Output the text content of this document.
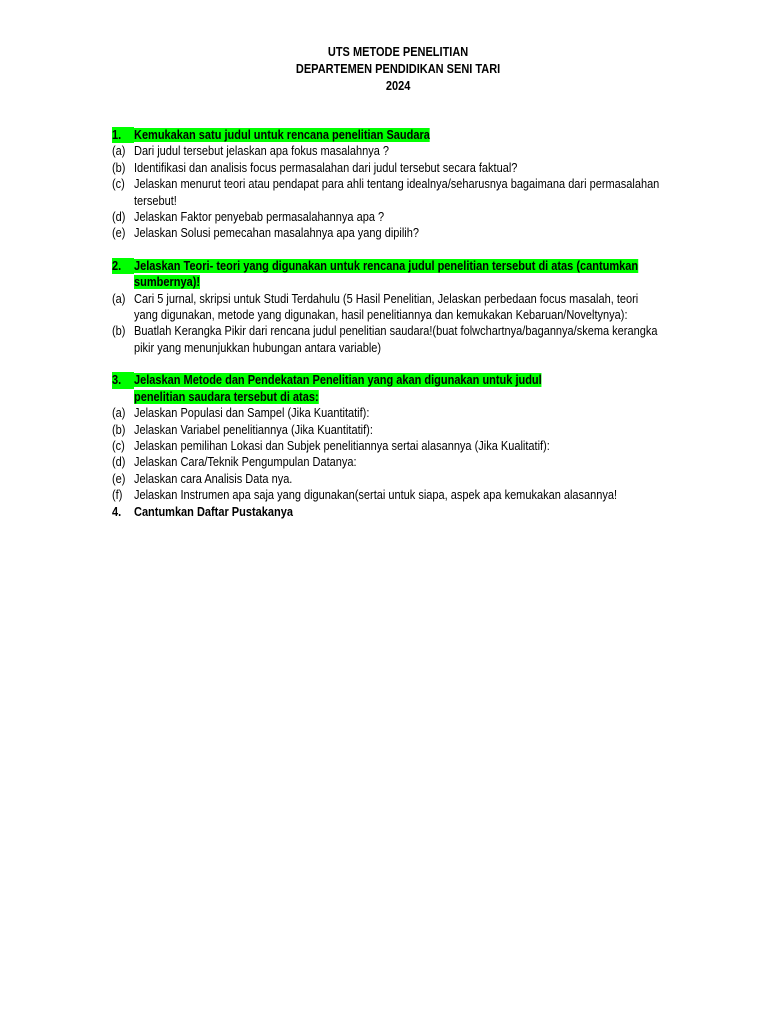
UTS METODE PENELITIAN
DEPARTEMEN PENDIDIKAN SENI TARI
2024
1.	Kemukakan satu judul untuk rencana penelitian Saudara
(a) Dari judul tersebut jelaskan apa fokus masalahnya ?
(b) Identifikasi dan analisis focus permasalahan dari judul tersebut secara faktual?
(c) Jelaskan menurut teori atau pendapat para ahli tentang idealnya/seharusnya bagaimana dari permasalahan
tersebut!
(d) Jelaskan Faktor penyebab permasalahannya apa ?
(e) Jelaskan Solusi pemecahan masalahnya apa yang dipilih?
2.	Jelaskan Teori- teori yang digunakan untuk rencana judul penelitian tersebut di atas (cantumkan
sumbernya)!
(a) Cari 5 jurnal, skripsi untuk Studi Terdahulu (5 Hasil Penelitian, Jelaskan perbedaan focus masalah, teori
yang digunakan, metode yang digunakan, hasil penelitiannya dan kemukakan Kebaruan/Noveltynya):
(b) Buatlah Kerangka Pikir dari rencana judul penelitian saudara!(buat folwchartnya/bagannya/skema kerangka
pikir yang menunjukkan hubungan antara variable)
3.	Jelaskan Metode dan Pendekatan Penelitian yang akan digunakan untuk judul
penelitian saudara tersebut di atas:
(a) Jelaskan Populasi dan Sampel (Jika Kuantitatif):
(b) Jelaskan Variabel penelitiannya (Jika Kuantitatif):
(c) Jelaskan pemilihan Lokasi dan Subjek penelitiannya sertai alasannya (Jika Kualitatif):
(d) Jelaskan Cara/Teknik Pengumpulan Datanya:
(e) Jelaskan cara Analisis Data nya.
(f) Jelaskan Instrumen apa saja yang digunakan(sertai untuk siapa, aspek apa kemukakan alasannya!
4.	Cantumkan Daftar Pustakanya
